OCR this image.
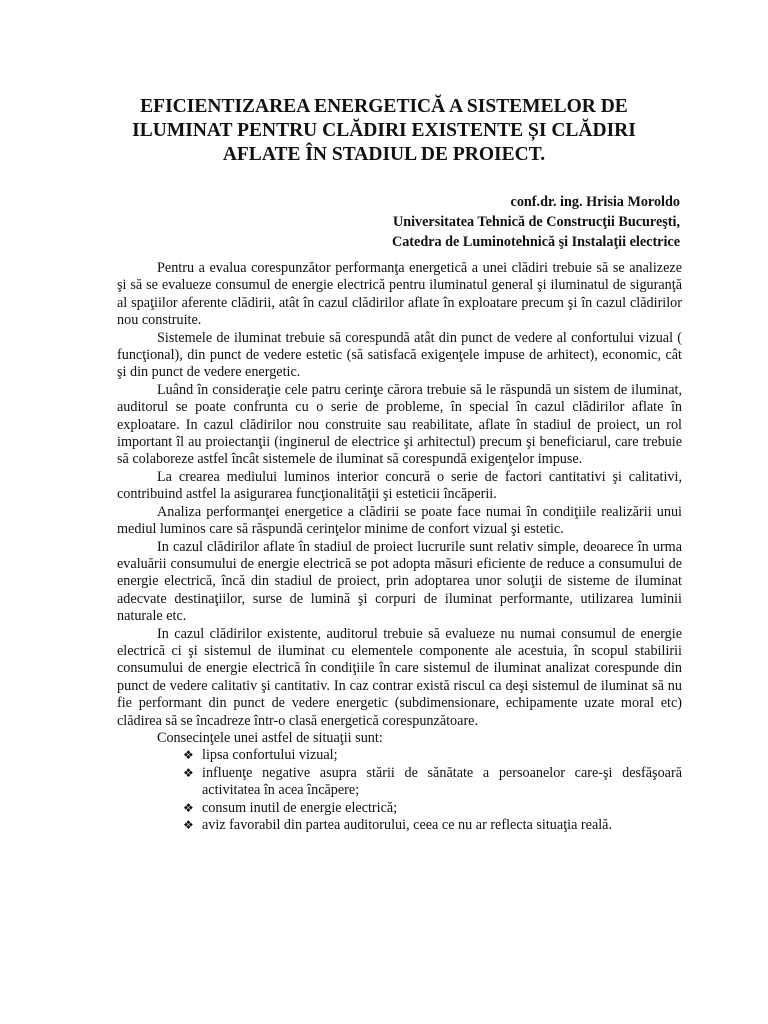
EFICIENTIZAREA ENERGETICĂ A SISTEMELOR DE
ILUMINAT PENTRU CLĂDIRI EXISTENTE ȘI CLĂDIRI
AFLATE ÎN STADIUL DE PROIECT.
conf.dr. ing. Hrisia Moroldo
Universitatea Tehnică de Construcţii Bucureşti,
Catedra de Luminotehnică şi Instalaţii electrice

Pentru a evalua corespunzător performanţa energetică a unei clădiri trebuie să se analizeze şi să se evalueze consumul de energie electrică pentru iluminatul general şi iluminatul de siguranţă al spaţiilor aferente clădirii, atât în cazul clădirilor aflate în exploatare precum şi în cazul clădirilor nou construite.

Sistemele de iluminat trebuie să corespundă atât din punct de vedere al confortului vizual ( funcţional), din punct de vedere estetic (să satisfacă exigenţele impuse de arhitect), economic, cât şi din punct de vedere energetic.

Luând în consideraţie cele patru cerinţe cărora trebuie să le răspundă un sistem de iluminat, auditorul se poate confrunta cu o serie de probleme, în special în cazul clădirilor aflate în exploatare. In cazul clădirilor nou construite sau reabilitate, aflate în stadiul de proiect, un rol important îl au proiectanţii (inginerul de electrice şi arhitectul) precum şi beneficiarul, care trebuie să colaboreze astfel încât sistemele de iluminat să corespundă exigenţelor impuse.

La crearea mediului luminos interior concură o serie de factori cantitativi şi calitativi, contribuind astfel la asigurarea funcţionalităţii şi esteticii încăperii.

Analiza performanţei energetice a clădirii se poate face numai în condiţiile realizării unui mediul luminos care să răspundă cerinţelor minime de confort vizual şi estetic.

In cazul clădirilor aflate în stadiul de proiect lucrurile sunt relativ simple, deoarece în urma evaluării consumului de energie electrică se pot adopta măsuri eficiente de reduce a consumului de energie electrică, încă din stadiul de proiect, prin adoptarea unor soluţii de sisteme de iluminat adecvate destinaţiilor, surse de lumină şi corpuri de iluminat performante, utilizarea luminii naturale etc.

In cazul clădirilor existente, auditorul trebuie să evalueze nu numai consumul de energie electrică ci şi sistemul de iluminat cu elementele componente ale acestuia, în scopul stabilirii consumului de energie electrică în condiţiile în care sistemul de iluminat analizat corespunde din punct de vedere calitativ şi cantitativ. In caz contrar există riscul ca deşi sistemul de iluminat să nu fie performant din punct de vedere energetic (subdimensionare, echipamente uzate moral etc) clădirea să se încadreze într-o clasă energetică corespunzătoare.

Consecinţele unei astfel de situaţii sunt:

❖ lipsa confortului vizual;
❖ influenţe negative asupra stării de sănătate a persoanelor care-şi desfăşoară activitatea în acea încăpere;
❖ consum inutil de energie electrică;
❖ aviz favorabil din partea auditorului, ceea ce nu ar reflecta situaţia reală.
